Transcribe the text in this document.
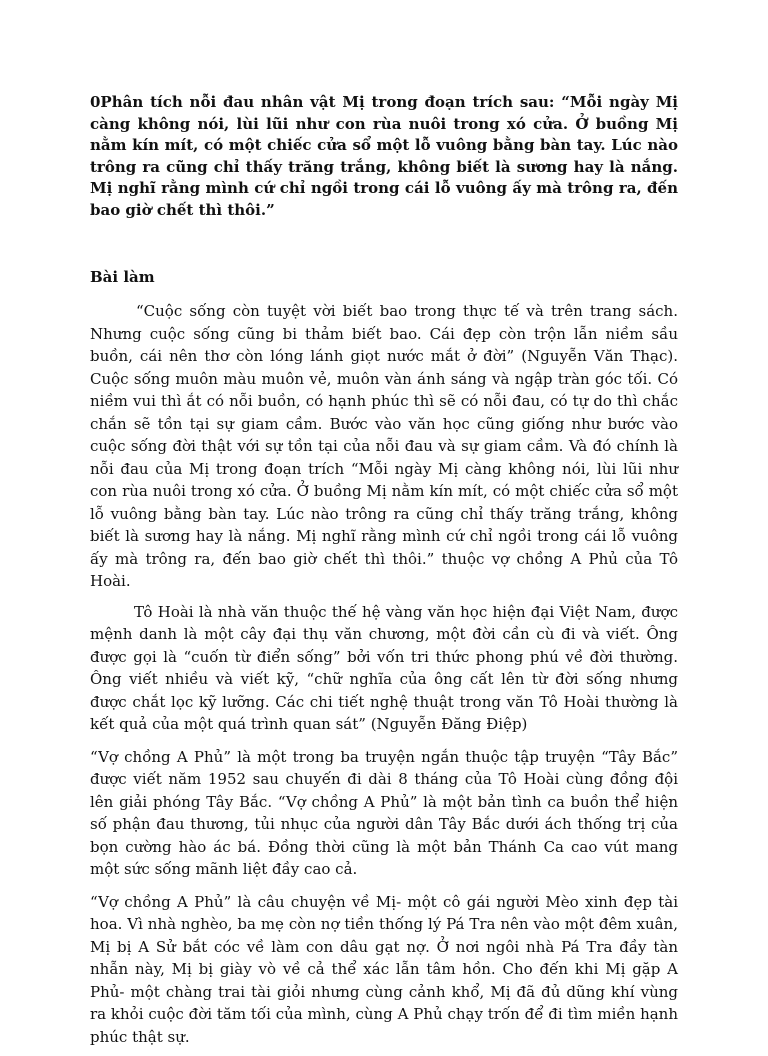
0Phân tích nỗi đau nhân vật Mị trong đoạn trích sau: “Mỗi ngày Mị càng không nói, lùi lũi như con rùa nuôi trong xó cửa. Ở buồng Mị nằm kín mít, có một chiếc cửa sổ một lỗ vuông bằng bàn tay. Lúc nào trông ra cũng chỉ thấy trăng trắng, không biết là sương hay là nắng. Mị nghĩ rằng mình cứ chỉ ngồi trong cái lỗ vuông ấy mà trông ra, đến bao giờ chết thì thôi.”

Bài làm

“Cuộc sống còn tuyệt vời biết bao trong thực tế và trên trang sách. Nhưng cuộc sống cũng bi thảm biết bao. Cái đẹp còn trộn lẫn niềm sầu buồn, cái nên thơ còn lóng lánh giọt nước mắt ở đời” (Nguyễn Văn Thạc). Cuộc sống muôn màu muôn vẻ, muôn vàn ánh sáng và ngập tràn góc tối. Có niềm vui thì ắt có nỗi buồn, có hạnh phúc thì sẽ có nỗi đau, có tự do thì chắc chắn sẽ tồn tại sự giam cầm. Bước vào văn học cũng giống như bước vào cuộc sống đời thật với sự tồn tại của nỗi đau và sự giam cầm. Và đó chính là nỗi đau của Mị trong đoạn trích “Mỗi ngày Mị càng không nói, lùi lũi như con rùa nuôi trong xó cửa. Ở buồng Mị nằm kín mít, có một chiếc cửa sổ một lỗ vuông bằng bàn tay. Lúc nào trông ra cũng chỉ thấy trăng trắng, không biết là sương hay là nắng. Mị nghĩ rằng mình cứ chỉ ngồi trong cái lỗ vuông ấy mà trông ra, đến bao giờ chết thì thôi.” thuộc vợ chồng A Phủ của Tô Hoài.

Tô Hoài là nhà văn thuộc thế hệ vàng văn học hiện đại Việt Nam, được mệnh danh là một cây đại thụ văn chương, một đời cần cù đi và viết. Ông được gọi là “cuốn từ điển sống” bởi vốn tri thức phong phú về đời thường. Ông viết nhiều và viết kỹ, “chữ nghĩa của ông cất lên từ đời sống nhưng được chắt lọc kỹ lưỡng. Các chi tiết nghệ thuật trong văn Tô Hoài thường là kết quả của một quá trình quan sát” (Nguyễn Đăng Điệp)

“Vợ chồng A Phủ” là một trong ba truyện ngắn thuộc tập truyện “Tây Bắc” được viết năm 1952 sau chuyến đi dài 8 tháng của Tô Hoài cùng đồng đội lên giải phóng Tây Bắc. “Vợ chồng A Phủ” là một bản tình ca buồn thể hiện số phận đau thương, tủi nhục của người dân Tây Bắc dưới ách thống trị của bọn cường hào ác bá. Đồng thời cũng là một bản Thánh Ca cao vút mang một sức sống mãnh liệt đầy cao cả.

“Vợ chồng A Phủ” là câu chuyện về Mị- một cô gái người Mèo xinh đẹp tài hoa. Vì nhà nghèo, ba mẹ còn nợ tiền thống lý Pá Tra nên vào một đêm xuân, Mị bị A Sử bắt cóc về làm con dâu gạt nợ. Ở nơi ngôi nhà Pá Tra đầy tàn nhẫn này, Mị bị giày vò về cả thể xác lẫn tâm hồn. Cho đến khi Mị gặp A Phủ- một chàng trai tài giỏi nhưng cùng cảnh khổ, Mị đã đủ dũng khí vùng ra khỏi cuộc đời tăm tối của mình, cùng A Phủ chạy trốn để đi tìm miền hạnh phúc thật sự.
